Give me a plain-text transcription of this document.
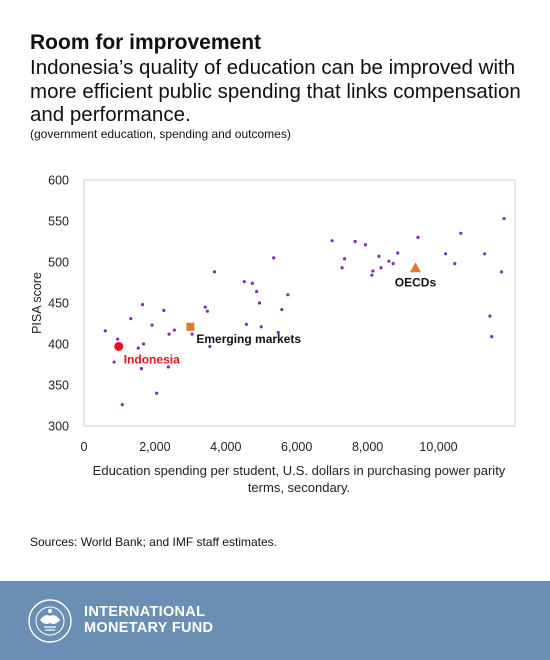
Room for improvement

Indonesia’s quality of education can be improved with more efficient public spending that links compensation and performance.

(government education, spending and outcomes)

300
350
400
450
500
550
600
0	2,000	4,000	6,000	8,000	10,000
PISA score
Indonesia
Emerging markets
OECDs
Education spending per student, U.S. dollars in purchasing power parity terms, secondary.

Sources: World Bank; and IMF staff estimates.

INTERNATIONAL
MONETARY FUND
